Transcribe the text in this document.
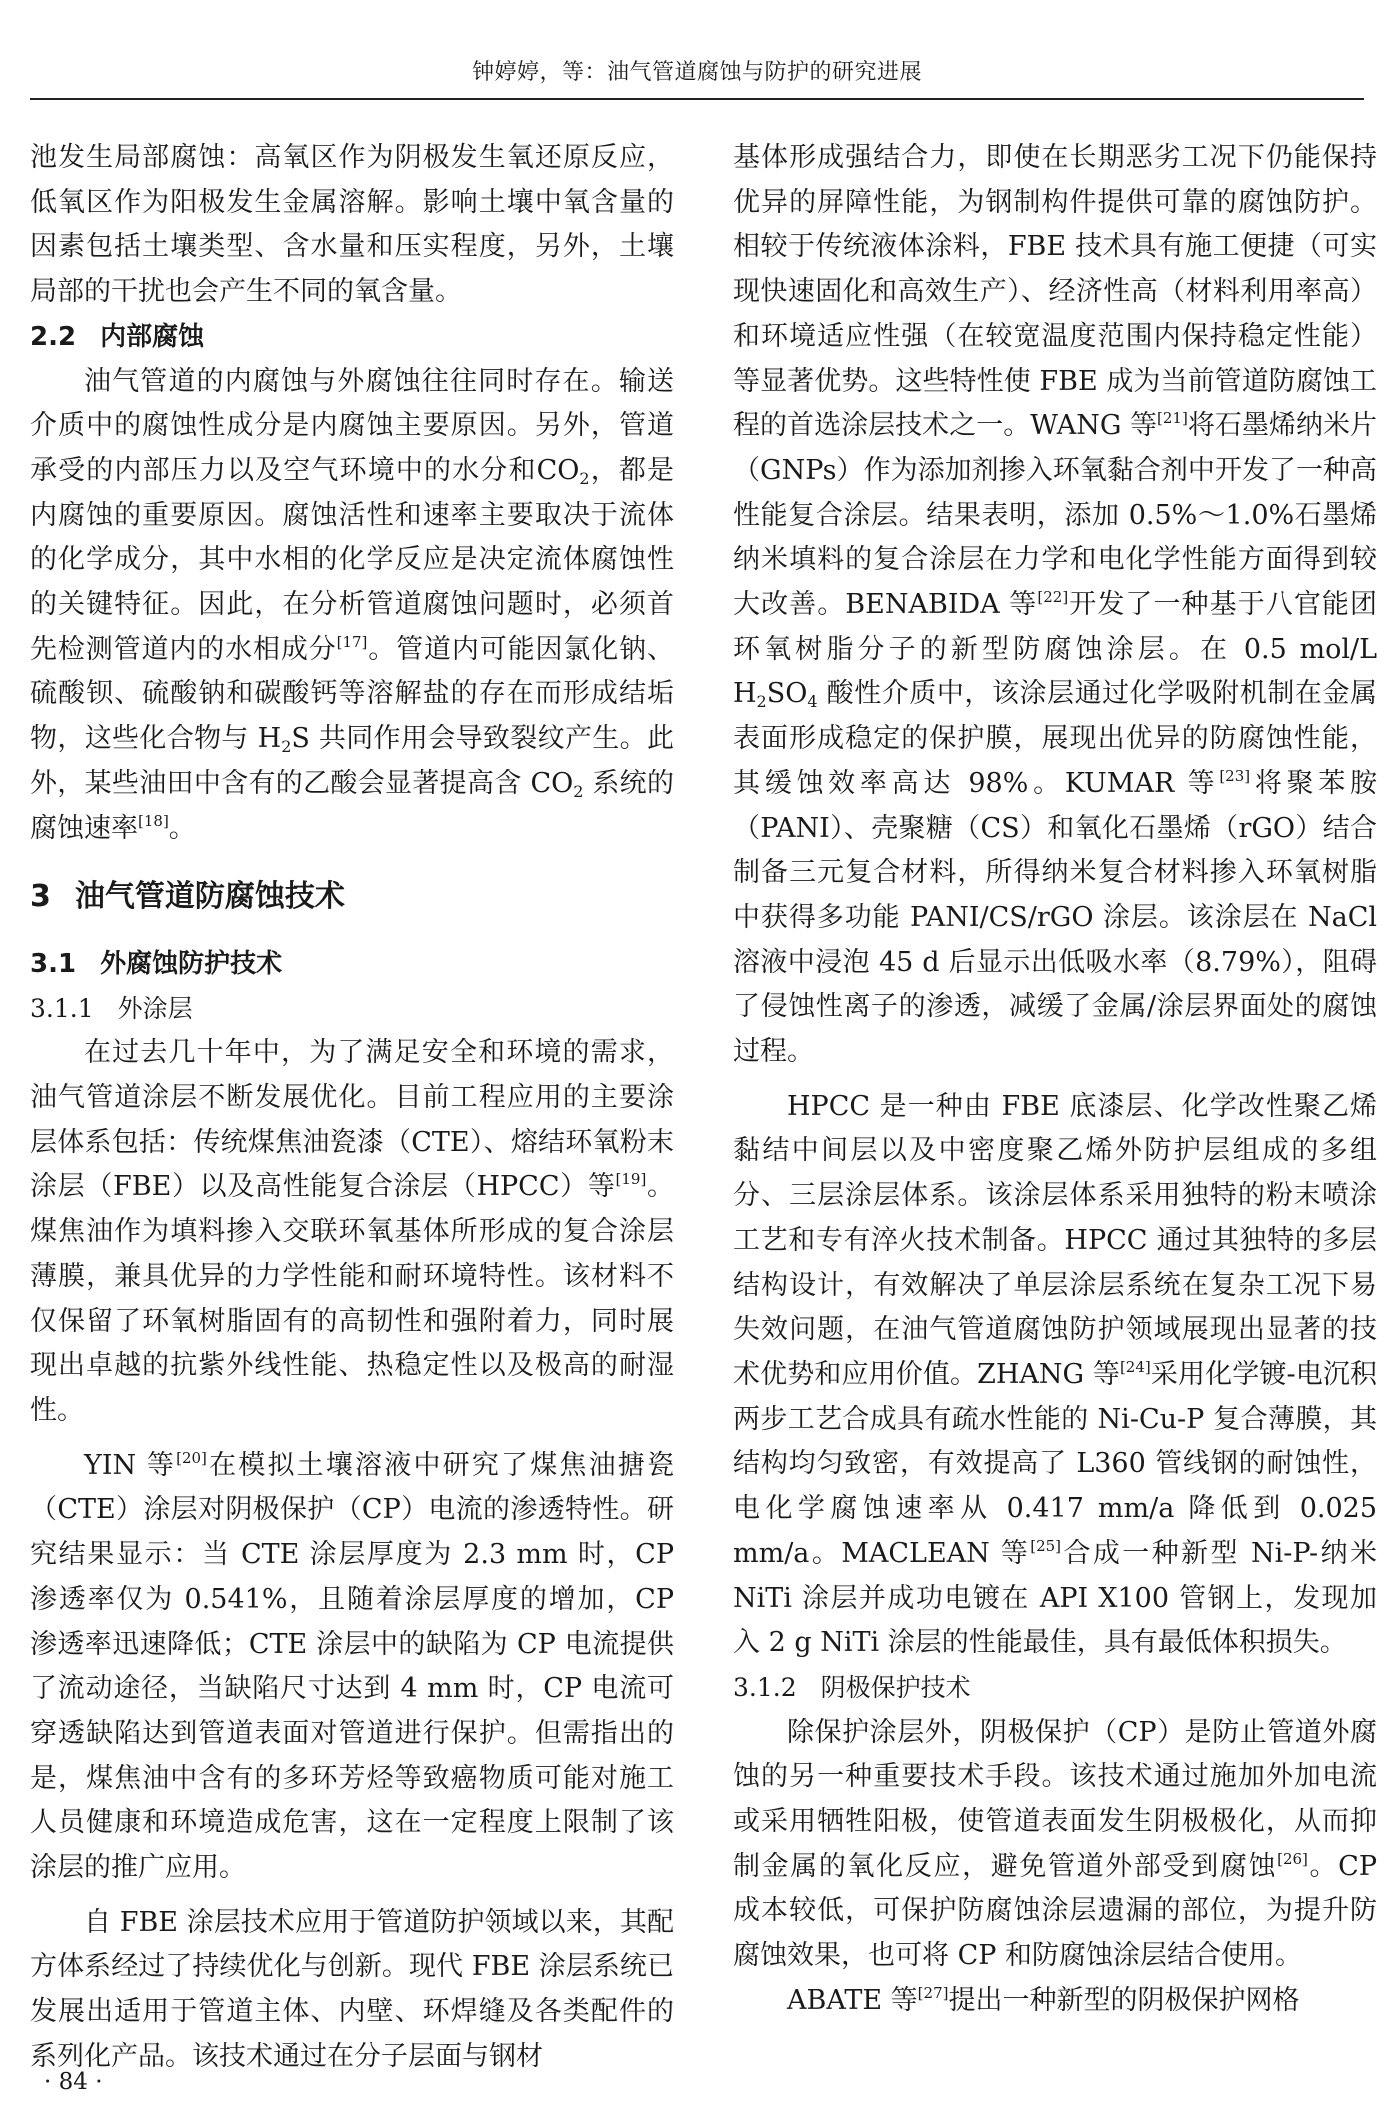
钟婷婷，等：油气管道腐蚀与防护的研究进展

池发生局部腐蚀：高氧区作为阴极发生氧还原反应，低氧区作为阳极发生金属溶解。影响土壤中氧含量的因素包括土壤类型、含水量和压实程度，另外，土壤局部的干扰也会产生不同的氧含量。

2.2 内部腐蚀

油气管道的内腐蚀与外腐蚀往往同时存在。输送介质中的腐蚀性成分是内腐蚀主要原因。另外，管道承受的内部压力以及空气环境中的水分和$CO_2$，都是内腐蚀的重要原因。腐蚀活性和速率主要取决于流体的化学成分，其中水相的化学反应是决定流体腐蚀性的关键特征。因此，在分析管道腐蚀问题时，必须首先检测管道内的水相成分[17]。管道内可能因氯化钠、硫酸钡、硫酸钠和碳酸钙等溶解盐的存在而形成结垢物，这些化合物与 $H_2S$ 共同作用会导致裂纹产生。此外，某些油田中含有的乙酸会显著提高含 $CO_2$ 系统的腐蚀速率[18]。

3 油气管道防腐蚀技术
3.1 外腐蚀防护技术
3.1.1 外涂层

在过去几十年中，为了满足安全和环境的需求，油气管道涂层不断发展优化。目前工程应用的主要涂层体系包括：传统煤焦油瓷漆（CTE）、熔结环氧粉末涂层（FBE）以及高性能复合涂层（HPCC）等[19]。煤焦油作为填料掺入交联环氧基体所形成的复合涂层薄膜，兼具优异的力学性能和耐环境特性。该材料不仅保留了环氧树脂固有的高韧性和强附着力，同时展现出卓越的抗紫外线性能、热稳定性以及极高的耐湿性。

YIN 等[20]在模拟土壤溶液中研究了煤焦油搪瓷（CTE）涂层对阴极保护（CP）电流的渗透特性。研究结果显示：当 CTE 涂层厚度为 2.3 mm 时，CP 渗透率仅为 0.541%，且随着涂层厚度的增加，CP 渗透率迅速降低；CTE 涂层中的缺陷为 CP 电流提供了流动途径，当缺陷尺寸达到 4 mm 时，CP 电流可穿透缺陷达到管道表面对管道进行保护。但需指出的是，煤焦油中含有的多环芳烃等致癌物质可能对施工人员健康和环境造成危害，这在一定程度上限制了该涂层的推广应用。

自 FBE 涂层技术应用于管道防护领域以来，其配方体系经过了持续优化与创新。现代 FBE 涂层系统已发展出适用于管道主体、内壁、环焊缝及各类配件的系列化产品。该技术通过在分子层面与钢材

基体形成强结合力，即使在长期恶劣工况下仍能保持优异的屏障性能，为钢制构件提供可靠的腐蚀防护。相较于传统液体涂料，FBE 技术具有施工便捷（可实现快速固化和高效生产）、经济性高（材料利用率高）和环境适应性强（在较宽温度范围内保持稳定性能）等显著优势。这些特性使 FBE 成为当前管道防腐蚀工程的首选涂层技术之一。WANG 等[21]将石墨烯纳米片（GNPs）作为添加剂掺入环氧黏合剂中开发了一种高性能复合涂层。结果表明，添加 0.5%～1.0%石墨烯纳米填料的复合涂层在力学和电化学性能方面得到较大改善。BENABIDA 等[22]开发了一种基于八官能团环氧树脂分子的新型防腐蚀涂层。在 0.5 mol/L $H_2SO_4$ 酸性介质中，该涂层通过化学吸附机制在金属表面形成稳定的保护膜，展现出优异的防腐蚀性能，其缓蚀效率高达 98%。KUMAR 等[23]将聚苯胺（PANI）、壳聚糖（CS）和氧化石墨烯（rGO）结合制备三元复合材料，所得纳米复合材料掺入环氧树脂中获得多功能 PANI/CS/rGO 涂层。该涂层在 NaCl 溶液中浸泡 45 d 后显示出低吸水率（8.79%），阻碍了侵蚀性离子的渗透，减缓了金属/涂层界面处的腐蚀过程。

HPCC 是一种由 FBE 底漆层、化学改性聚乙烯黏结中间层以及中密度聚乙烯外防护层组成的多组分、三层涂层体系。该涂层体系采用独特的粉末喷涂工艺和专有淬火技术制备。HPCC 通过其独特的多层结构设计，有效解决了单层涂层系统在复杂工况下易失效问题，在油气管道腐蚀防护领域展现出显著的技术优势和应用价值。ZHANG 等[24]采用化学镀-电沉积两步工艺合成具有疏水性能的 Ni-Cu-P 复合薄膜，其结构均匀致密，有效提高了 L360 管线钢的耐蚀性，电化学腐蚀速率从 0.417 mm/a 降低到 0.025 mm/a。MACLEAN 等[25]合成一种新型 Ni-P-纳米 NiTi 涂层并成功电镀在 API X100 管钢上，发现加入 2 g NiTi 涂层的性能最佳，具有最低体积损失。

3.1.2 阴极保护技术

除保护涂层外，阴极保护（CP）是防止管道外腐蚀的另一种重要技术手段。该技术通过施加外加电流或采用牺牲阳极，使管道表面发生阴极极化，从而抑制金属的氧化反应，避免管道外部受到腐蚀[26]。CP 成本较低，可保护防腐蚀涂层遗漏的部位，为提升防腐蚀效果，也可将 CP 和防腐蚀涂层结合使用。

ABATE 等[27]提出一种新型的阴极保护网格

· 84 ·
